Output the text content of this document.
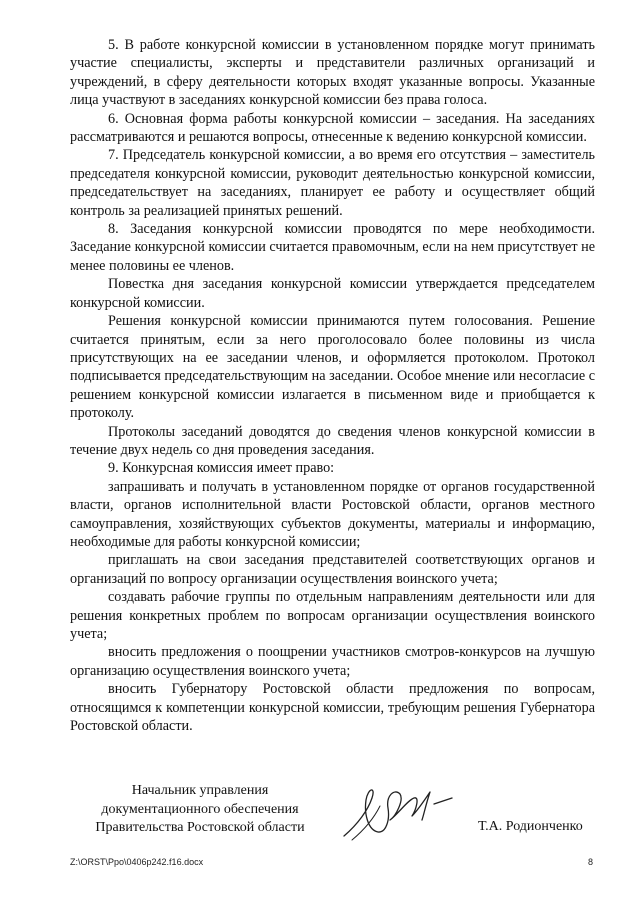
5. В работе конкурсной комиссии в установленном порядке могут принимать участие специалисты, эксперты и представители различных организаций и учреждений, в сферу деятельности которых входят указанные вопросы. Указанные лица участвуют в заседаниях конкурсной комиссии без права голоса.

6. Основная форма работы конкурсной комиссии – заседания. На заседаниях рассматриваются и решаются вопросы, отнесенные к ведению конкурсной комиссии.

7. Председатель конкурсной комиссии, а во время его отсутствия – заместитель председателя конкурсной комиссии, руководит деятельностью конкурсной комиссии, председательствует на заседаниях, планирует ее работу и осуществляет общий контроль за реализацией принятых решений.

8. Заседания конкурсной комиссии проводятся по мере необходимости. Заседание конкурсной комиссии считается правомочным, если на нем присутствует не менее половины ее членов.

Повестка дня заседания конкурсной комиссии утверждается председателем конкурсной комиссии.

Решения конкурсной комиссии принимаются путем голосования. Решение считается принятым, если за него проголосовало более половины из числа присутствующих на ее заседании членов, и оформляется протоколом. Протокол подписывается председательствующим на заседании. Особое мнение или несогласие с решением конкурсной комиссии излагается в письменном виде и приобщается к протоколу.

Протоколы заседаний доводятся до сведения членов конкурсной комиссии в течение двух недель со дня проведения заседания.

9. Конкурсная комиссия имеет право:

запрашивать и получать в установленном порядке от органов государственной власти, органов исполнительной власти Ростовской области, органов местного самоуправления, хозяйствующих субъектов документы, материалы и информацию, необходимые для работы конкурсной комиссии;

приглашать на свои заседания представителей соответствующих органов и организаций по вопросу организации осуществления воинского учета;

создавать рабочие группы по отдельным направлениям деятельности или для решения конкретных проблем по вопросам организации осуществления воинского учета;

вносить предложения о поощрении участников смотров-конкурсов на лучшую организацию осуществления воинского учета;

вносить Губернатору Ростовской области предложения по вопросам, относящимся к компетенции конкурсной комиссии, требующим решения Губернатора Ростовской области.

Начальник управления
документационного обеспечения
Правительства Ростовской области	Т.А. Родионченко
Z:\ORST\Ppo\0406p242.f16.docx	8
